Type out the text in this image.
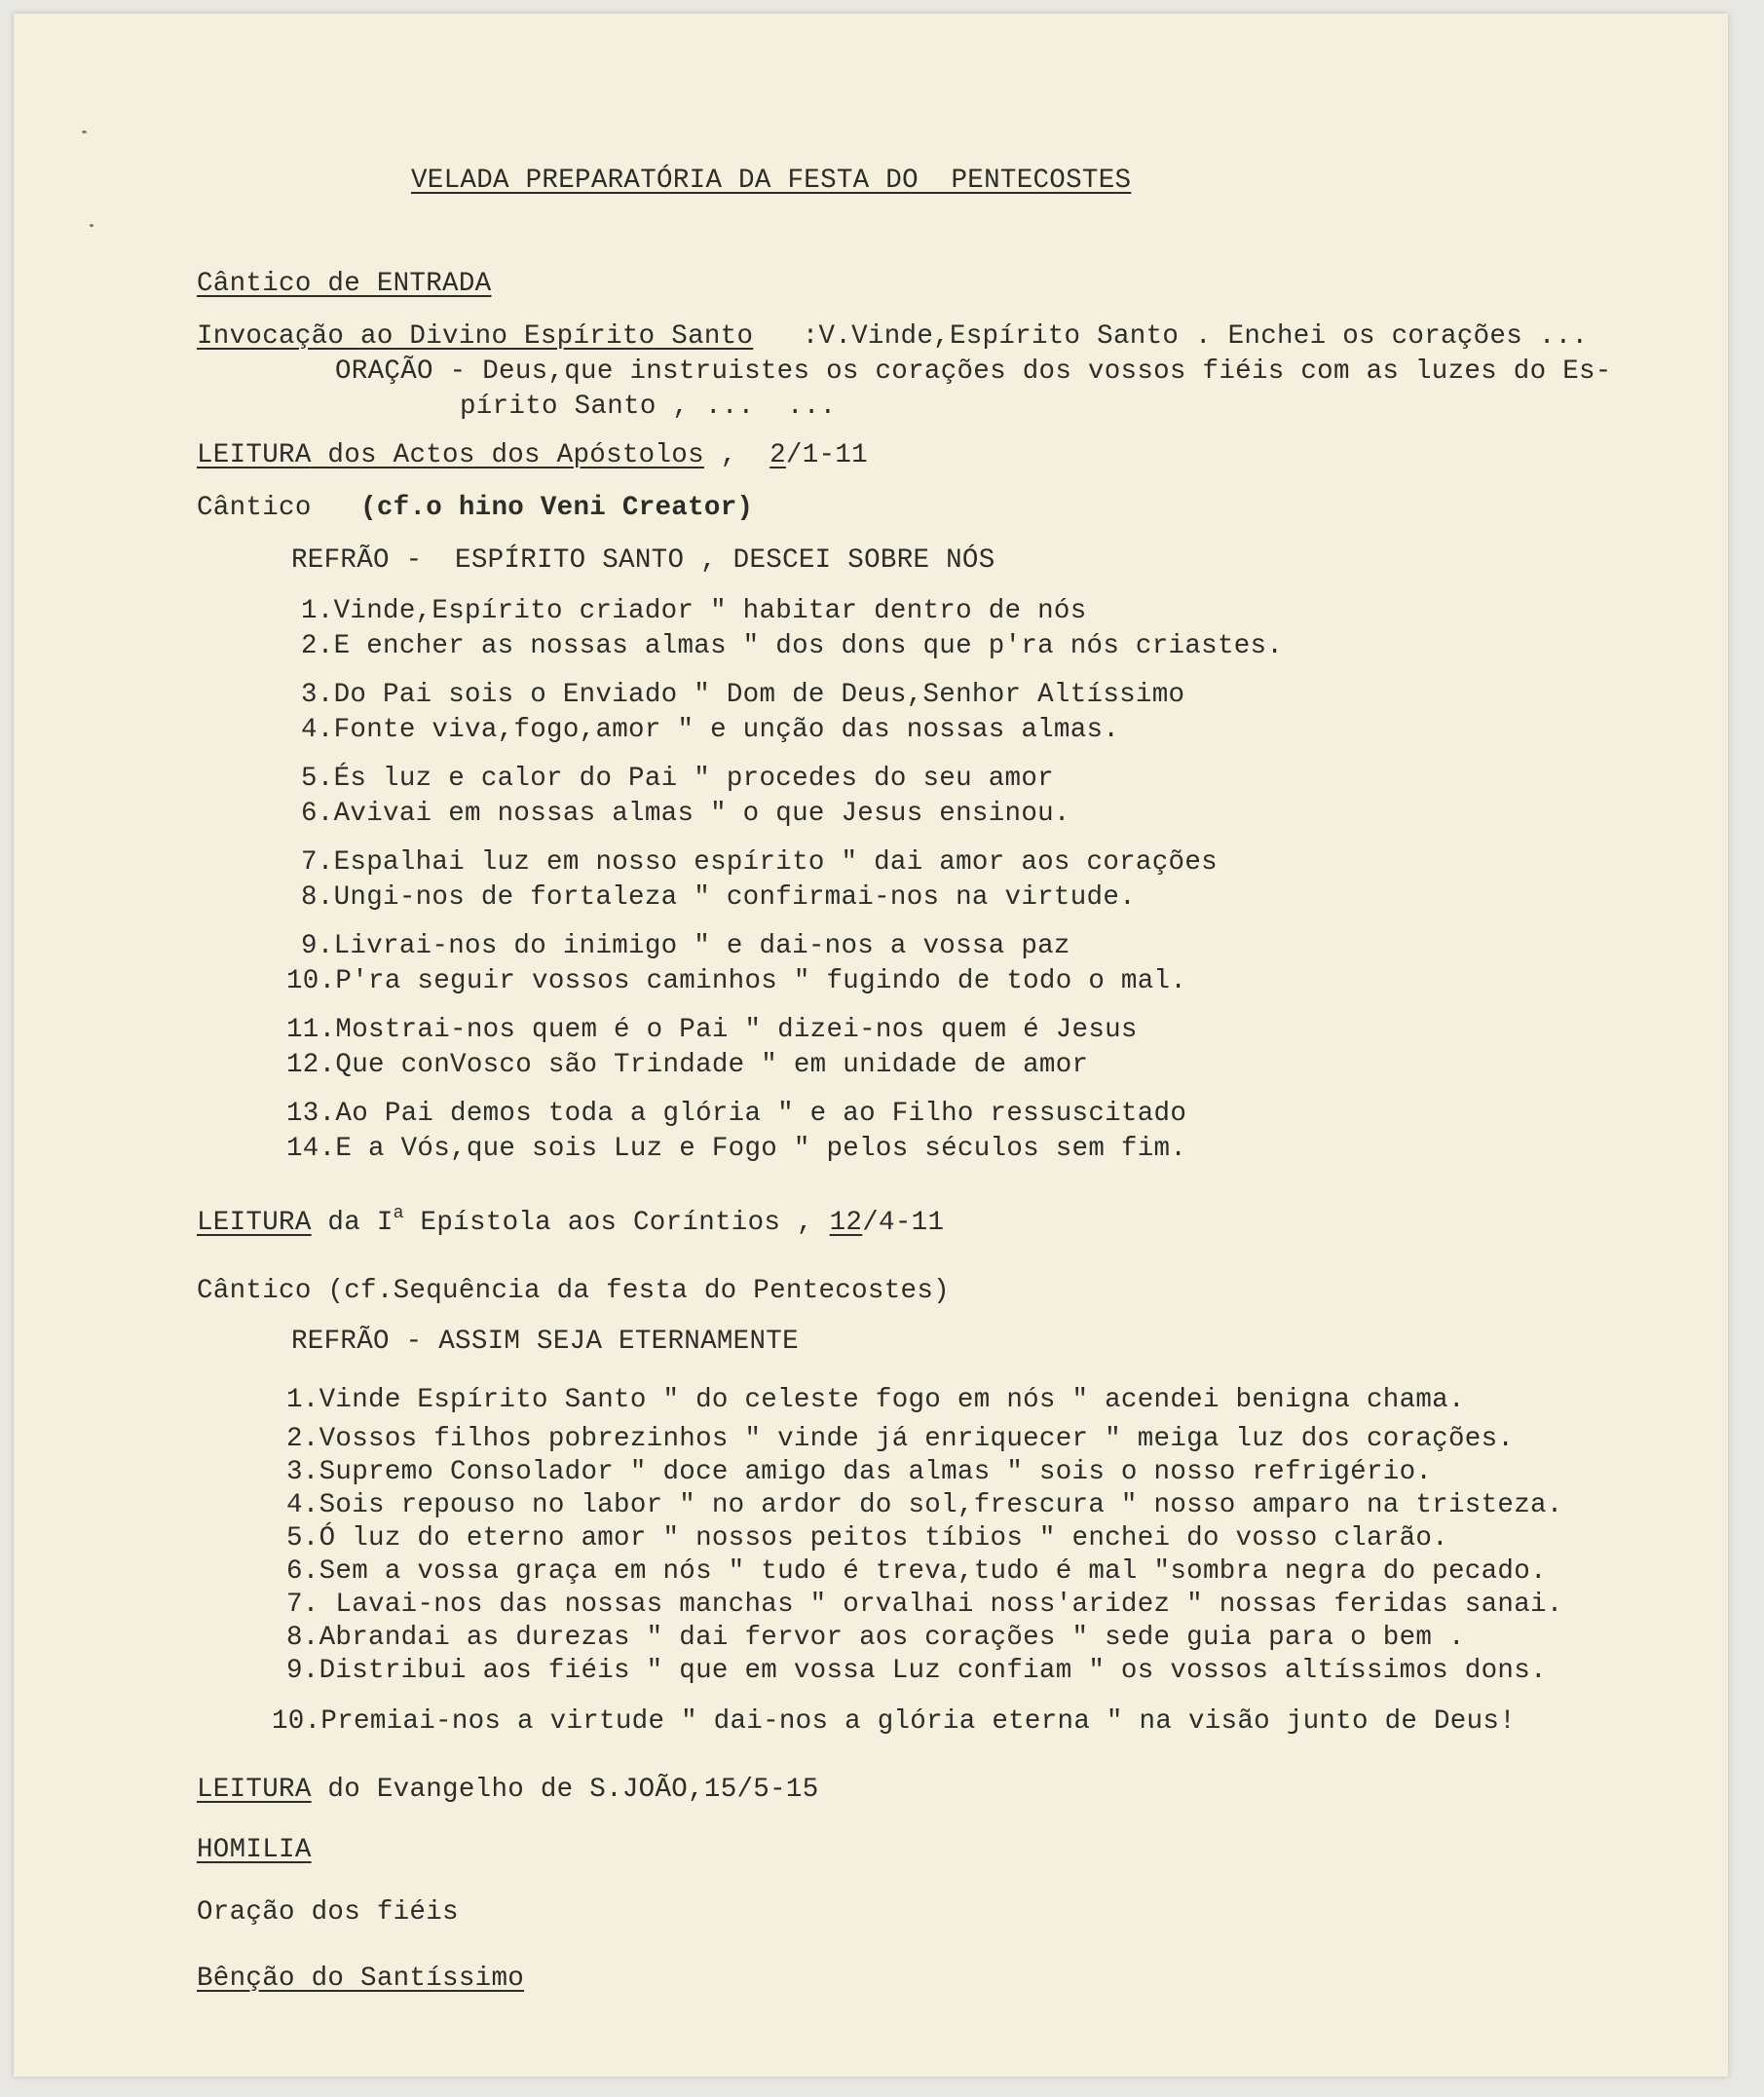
VELADA PREPARATÓRIA DA FESTA DO  PENTECOSTES
Cântico de ENTRADA
Invocação ao Divino Espírito Santo :V.Vinde,Espírito Santo . Enchei os corações ...
ORAÇÃO - Deus,que instruistes os corações dos vossos fiéis com as luzes do Es-
pírito Santo , ...  ...
LEITURA dos Actos dos Apóstolos ,  2/1-11
Cântico (cf.o hino Veni Creator)
REFRÃO -  ESPÍRITO SANTO , DESCEI SOBRE NÓS
1.Vinde,Espírito criador " habitar dentro de nós
2.E encher as nossas almas " dos dons que p'ra nós criastes.
3.Do Pai sois o Enviado " Dom de Deus,Senhor Altíssimo
4.Fonte viva,fogo,amor " e unção das nossas almas.
5.És luz e calor do Pai " procedes do seu amor
6.Avivai em nossas almas " o que Jesus ensinou.
7.Espalhai luz em nosso espírito " dai amor aos corações
8.Ungi-nos de fortaleza " confirmai-nos na virtude.
9.Livrai-nos do inimigo " e dai-nos a vossa paz
10.P'ra seguir vossos caminhos " fugindo de todo o mal.
11.Mostrai-nos quem é o Pai " dizei-nos quem é Jesus
12.Que conVosco são Trindade " em unidade de amor
13.Ao Pai demos toda a glória " e ao Filho ressuscitado
14.E a Vós,que sois Luz e Fogo " pelos séculos sem fim.
LEITURA da $I^a$ Epístola aos Coríntios , 12/4-11
Cântico (cf.Sequência da festa do Pentecostes)
REFRÃO - ASSIM SEJA ETERNAMENTE
1.Vinde Espírito Santo " do celeste fogo em nós " acendei benigna chama.
2.Vossos filhos pobrezinhos " vinde já enriquecer " meiga luz dos corações.
3.Supremo Consolador " doce amigo das almas " sois o nosso refrigério.
4.Sois repouso no labor " no ardor do sol,frescura " nosso amparo na tristeza.
5.Ó luz do eterno amor " nossos peitos tíbios " enchei do vosso clarão.
6.Sem a vossa graça em nós " tudo é treva,tudo é mal "sombra negra do pecado.
7. Lavai-nos das nossas manchas " orvalhai noss'aridez " nossas feridas sanai.
8.Abrandai as durezas " dai fervor aos corações " sede guia para o bem .
9.Distribui aos fiéis " que em vossa Luz confiam " os vossos altíssimos dons.
10.Premiai-nos a virtude " dai-nos a glória eterna " na visão junto de Deus!
LEITURA do Evangelho de S.JOÃO,15/5-15
HOMILIA
Oração dos fiéis
Bênção do Santíssimo
